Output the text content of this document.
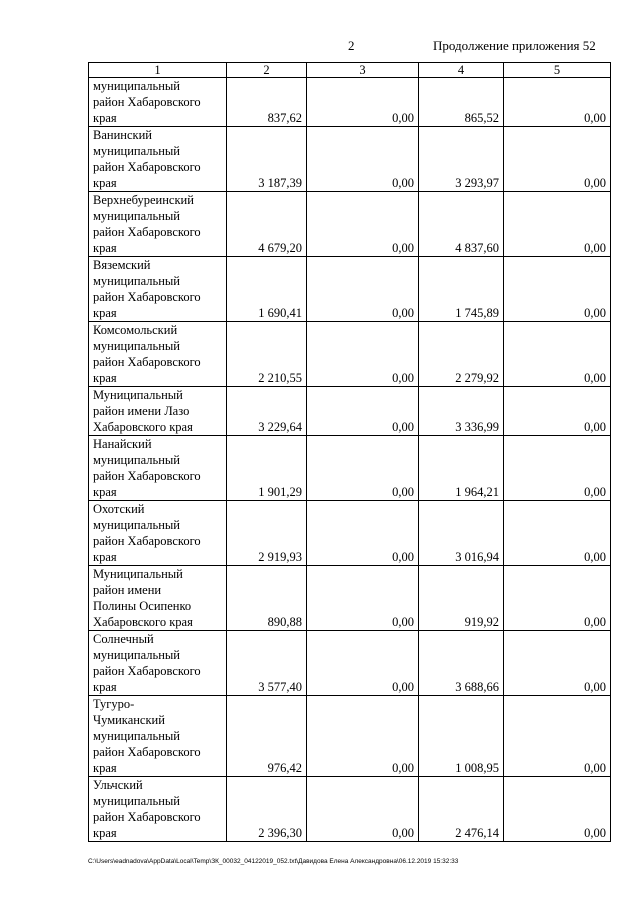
2	Продолжение приложения 52
1	2	3	4	5
муниципальный
район Хабаровского
края	837,62	0,00	865,52	0,00
Ванинский
муниципальный
район Хабаровского
края	3 187,39	0,00	3 293,97	0,00
Верхнебуреинский
муниципальный
район Хабаровского
края	4 679,20	0,00	4 837,60	0,00
Вяземский
муниципальный
район Хабаровского
края	1 690,41	0,00	1 745,89	0,00
Комсомольский
муниципальный
район Хабаровского
края	2 210,55	0,00	2 279,92	0,00
Муниципальный
район имени Лазо
Хабаровского края	3 229,64	0,00	3 336,99	0,00
Нанайский
муниципальный
район Хабаровского
края	1 901,29	0,00	1 964,21	0,00
Охотский
муниципальный
район Хабаровского
края	2 919,93	0,00	3 016,94	0,00
Муниципальный
район имени
Полины Осипенко
Хабаровского края	890,88	0,00	919,92	0,00
Солнечный
муниципальный
район Хабаровского
края	3 577,40	0,00	3 688,66	0,00
Тугуро-
Чумиканский
муниципальный
район Хабаровского
края	976,42	0,00	1 008,95	0,00
Ульчский
муниципальный
район Хабаровского
края	2 396,30	0,00	2 476,14	0,00
C:\Users\eadnadova\AppData\Local\Temp\ЗК_00032_04122019_052.txt\Давидова Елена Александровна\06.12.2019 15:32:33
